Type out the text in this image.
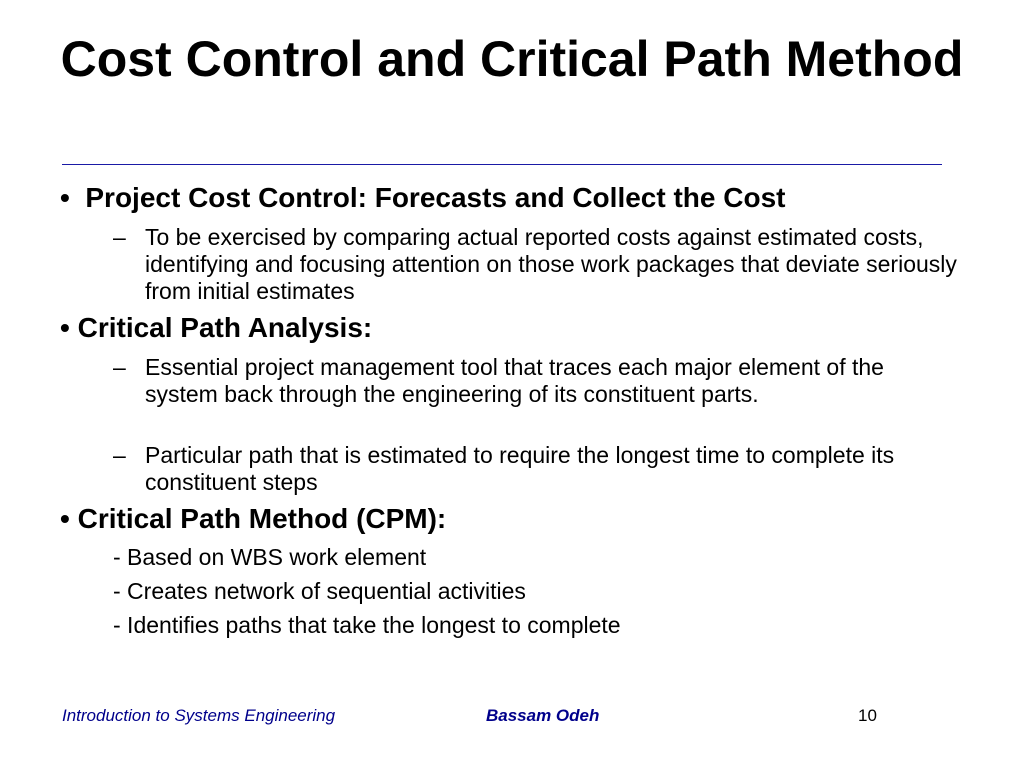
Cost Control and Critical Path Method
• Project Cost Control: Forecasts and Collect the Cost
– To be exercised by comparing actual reported costs against estimated costs, identifying and focusing attention on those work packages that deviate seriously from initial estimates
• Critical Path Analysis:
– Essential project management tool that traces each major element of the system back through the engineering of its constituent parts.
– Particular path that is estimated to require the longest time to complete its constituent steps
• Critical Path Method (CPM):
- Based on WBS work element
- Creates network of sequential activities
- Identifies paths that take the longest to complete
Introduction to Systems Engineering	Bassam Odeh	10
